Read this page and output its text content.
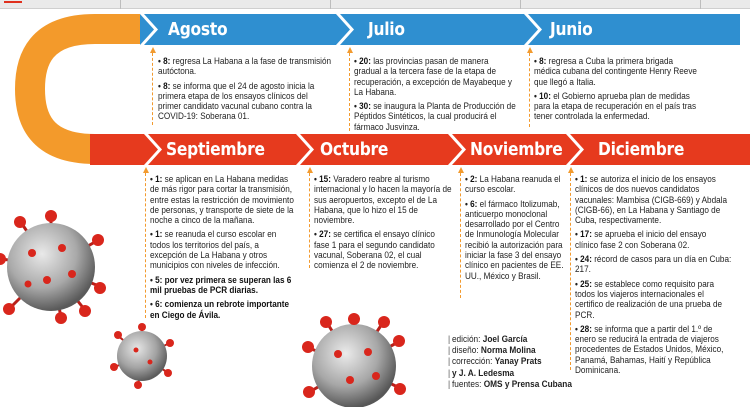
Agosto	Julio	Junio
Septiembre	Octubre	Noviembre Diciembre

• 8: regresa La Habana a la fase de transmisión autóctona.

• 8: se informa que el 24 de agosto inicia la primera etapa de los ensayos clínicos del primer candidato vacunal cubano contra la COVID-19: Soberana 01.

• 20: las provincias pasan de manera gradual a la tercera fase de la etapa de recuperación, a excepción de Mayabeque y La Habana.

• 30: se inaugura la Planta de Producción de Péptidos Sintéticos, la cual producirá el fármaco Jusvinza.

• 8: regresa a Cuba la primera brigada médica cubana del contingente Henry Reeve que llegó a Italia.

• 10: el Gobierno aprueba plan de medidas para la etapa de recuperación en el país tras tener controlada la enfermedad.

• 1: se aplican en La Habana medidas de más rigor para cortar la transmisión, entre estas la restricción de movimiento de personas, y transporte de siete de la noche a cinco de la mañana.

• 1: se reanuda el curso escolar en todos los territorios del país, a excepción de La Habana y otros municipios con niveles de infección.

• 5: por vez primera se superan las 6 mil pruebas de PCR diarias.

• 6: comienza un rebrote importante en Ciego de Ávila.

• 15: Varadero reabre al turismo internacional y lo hacen la mayoría de sus aeropuertos, excepto el de La Habana, que lo hizo el 15 de noviembre.

• 27: se certifica el ensayo clínico fase 1 para el segundo candidato vacunal, Soberana 02, el cual comienza el 2 de noviembre.

• 2: La Habana reanuda el curso escolar.

• 6: el fármaco Itolizumab, anticuerpo monoclonal desarrollado por el Centro de Inmunología Molecular recibió la autorización para iniciar la fase 3 del ensayo clínico en pacientes de EE. UU., México y Brasil.

• 1: se autoriza el inicio de los ensayos clínicos de dos nuevos candidatos vacunales: Mambisa (CIGB-669) y Abdala (CIGB-66), en La Habana y Santiago de Cuba, respectivamente.

• 17: se aprueba el inicio del ensayo clínico fase 2 con Soberana 02.

• 24: récord de casos para un día en Cuba: 217.

• 25: se establece como requisito para todos los viajeros internacionales el certifico de realización de una prueba de PCR.

• 28: se informa que a partir del 1.º de enero se reducirá la entrada de viajeros procedentes de Estados Unidos, México, Panamá, Bahamas, Haití y República Dominicana.

| edición: Joel García
| diseño: Norma Molina
| corrección: Yanay Prats
| y J. A. Ledesma
| fuentes: OMS y Prensa Cubana
